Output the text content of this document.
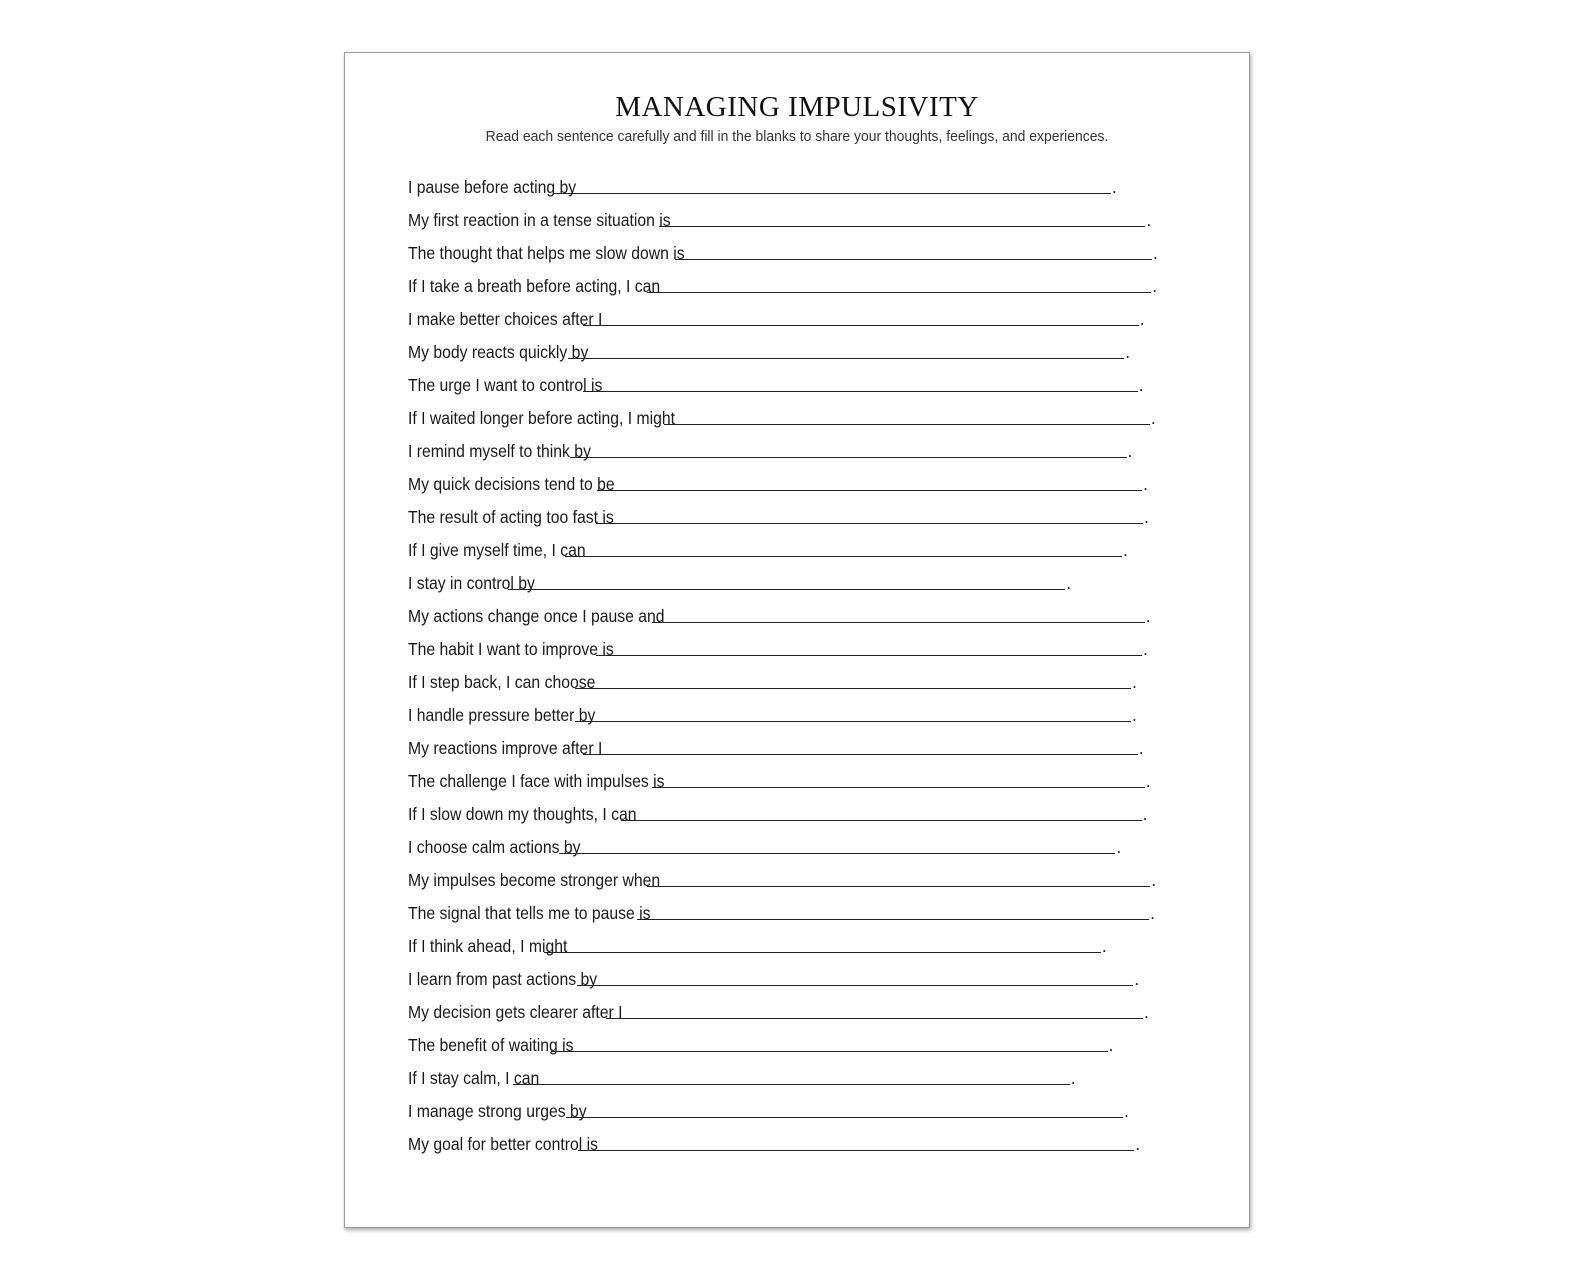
MANAGING IMPULSIVITY

Read each sentence carefully and fill in the blanks to share your thoughts, feelings, and experiences.

I pause before acting by	.
My first reaction in a tense situation is	.
The thought that helps me slow down is	.
If I take a breath before acting, I can	.
I make better choices after I	.
My body reacts quickly by	.
The urge I want to control is	.
If I waited longer before acting, I might	.
I remind myself to think by	.
My quick decisions tend to be	.
The result of acting too fast is	.
If I give myself time, I can	.
I stay in control by	.
My actions change once I pause and	.
The habit I want to improve is	.
If I step back, I can choose	.
I handle pressure better by	.
My reactions improve after I	.
The challenge I face with impulses is	.
If I slow down my thoughts, I can	.
I choose calm actions by	.
My impulses become stronger when	.
The signal that tells me to pause is	.
If I think ahead, I might	.
I learn from past actions by	.
My decision gets clearer after I	.
The benefit of waiting is	.
If I stay calm, I can	.
I manage strong urges by	.
My goal for better control is	.
